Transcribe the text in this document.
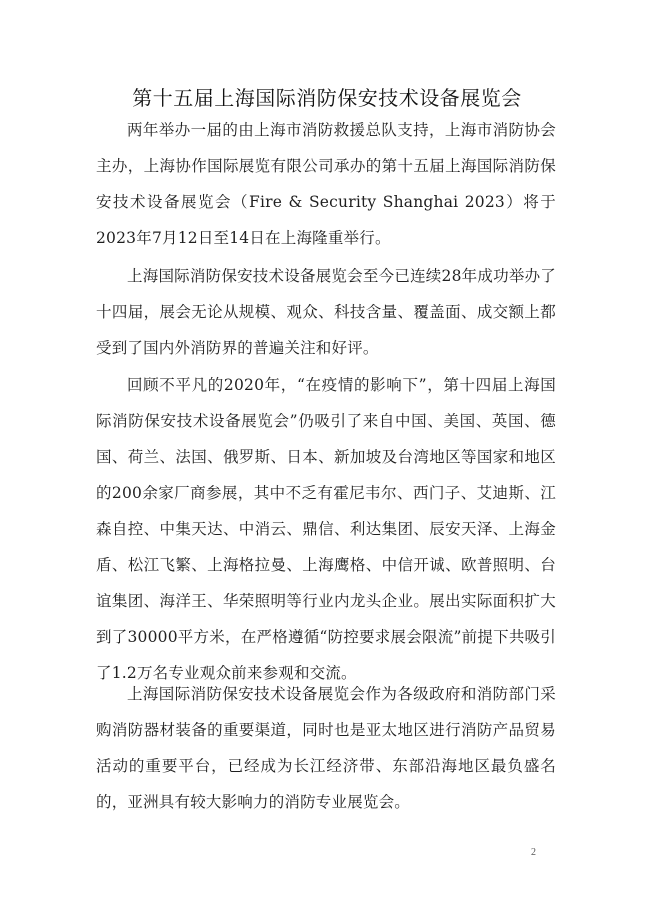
第十五届上海国际消防保安技术设备展览会

两年举办一届的由上海市消防救援总队支持，上海市消防协会主办，上海协作国际展览有限公司承办的第十五届上海国际消防保安技术设备展览会（Fire & Security Shanghai 2023）将于2023年7月12日至14日在上海隆重举行。

上海国际消防保安技术设备展览会至今已连续28年成功举办了十四届，展会无论从规模、观众、科技含量、覆盖面、成交额上都受到了国内外消防界的普遍关注和好评。

回顾不平凡的2020年，“在疫情的影响下”，第十四届上海国际消防保安技术设备展览会”仍吸引了来自中国、美国、英国、德国、荷兰、法国、俄罗斯、日本、新加坡及台湾地区等国家和地区的200余家厂商参展，其中不乏有霍尼韦尔、西门子、艾迪斯、江森自控、中集天达、中消云、鼎信、利达集团、辰安天泽、上海金盾、松江飞繁、上海格拉曼、上海鹰格、中信开诚、欧普照明、台谊集团、海洋王、华荣照明等行业内龙头企业。展出实际面积扩大到了30000平方米，在严格遵循“防控要求展会限流”前提下共吸引了1.2万名专业观众前来参观和交流。

上海国际消防保安技术设备展览会作为各级政府和消防部门采购消防器材装备的重要渠道，同时也是亚太地区进行消防产品贸易活动的重要平台，已经成为长江经济带、东部沿海地区最负盛名的，亚洲具有较大影响力的消防专业展览会。

2
